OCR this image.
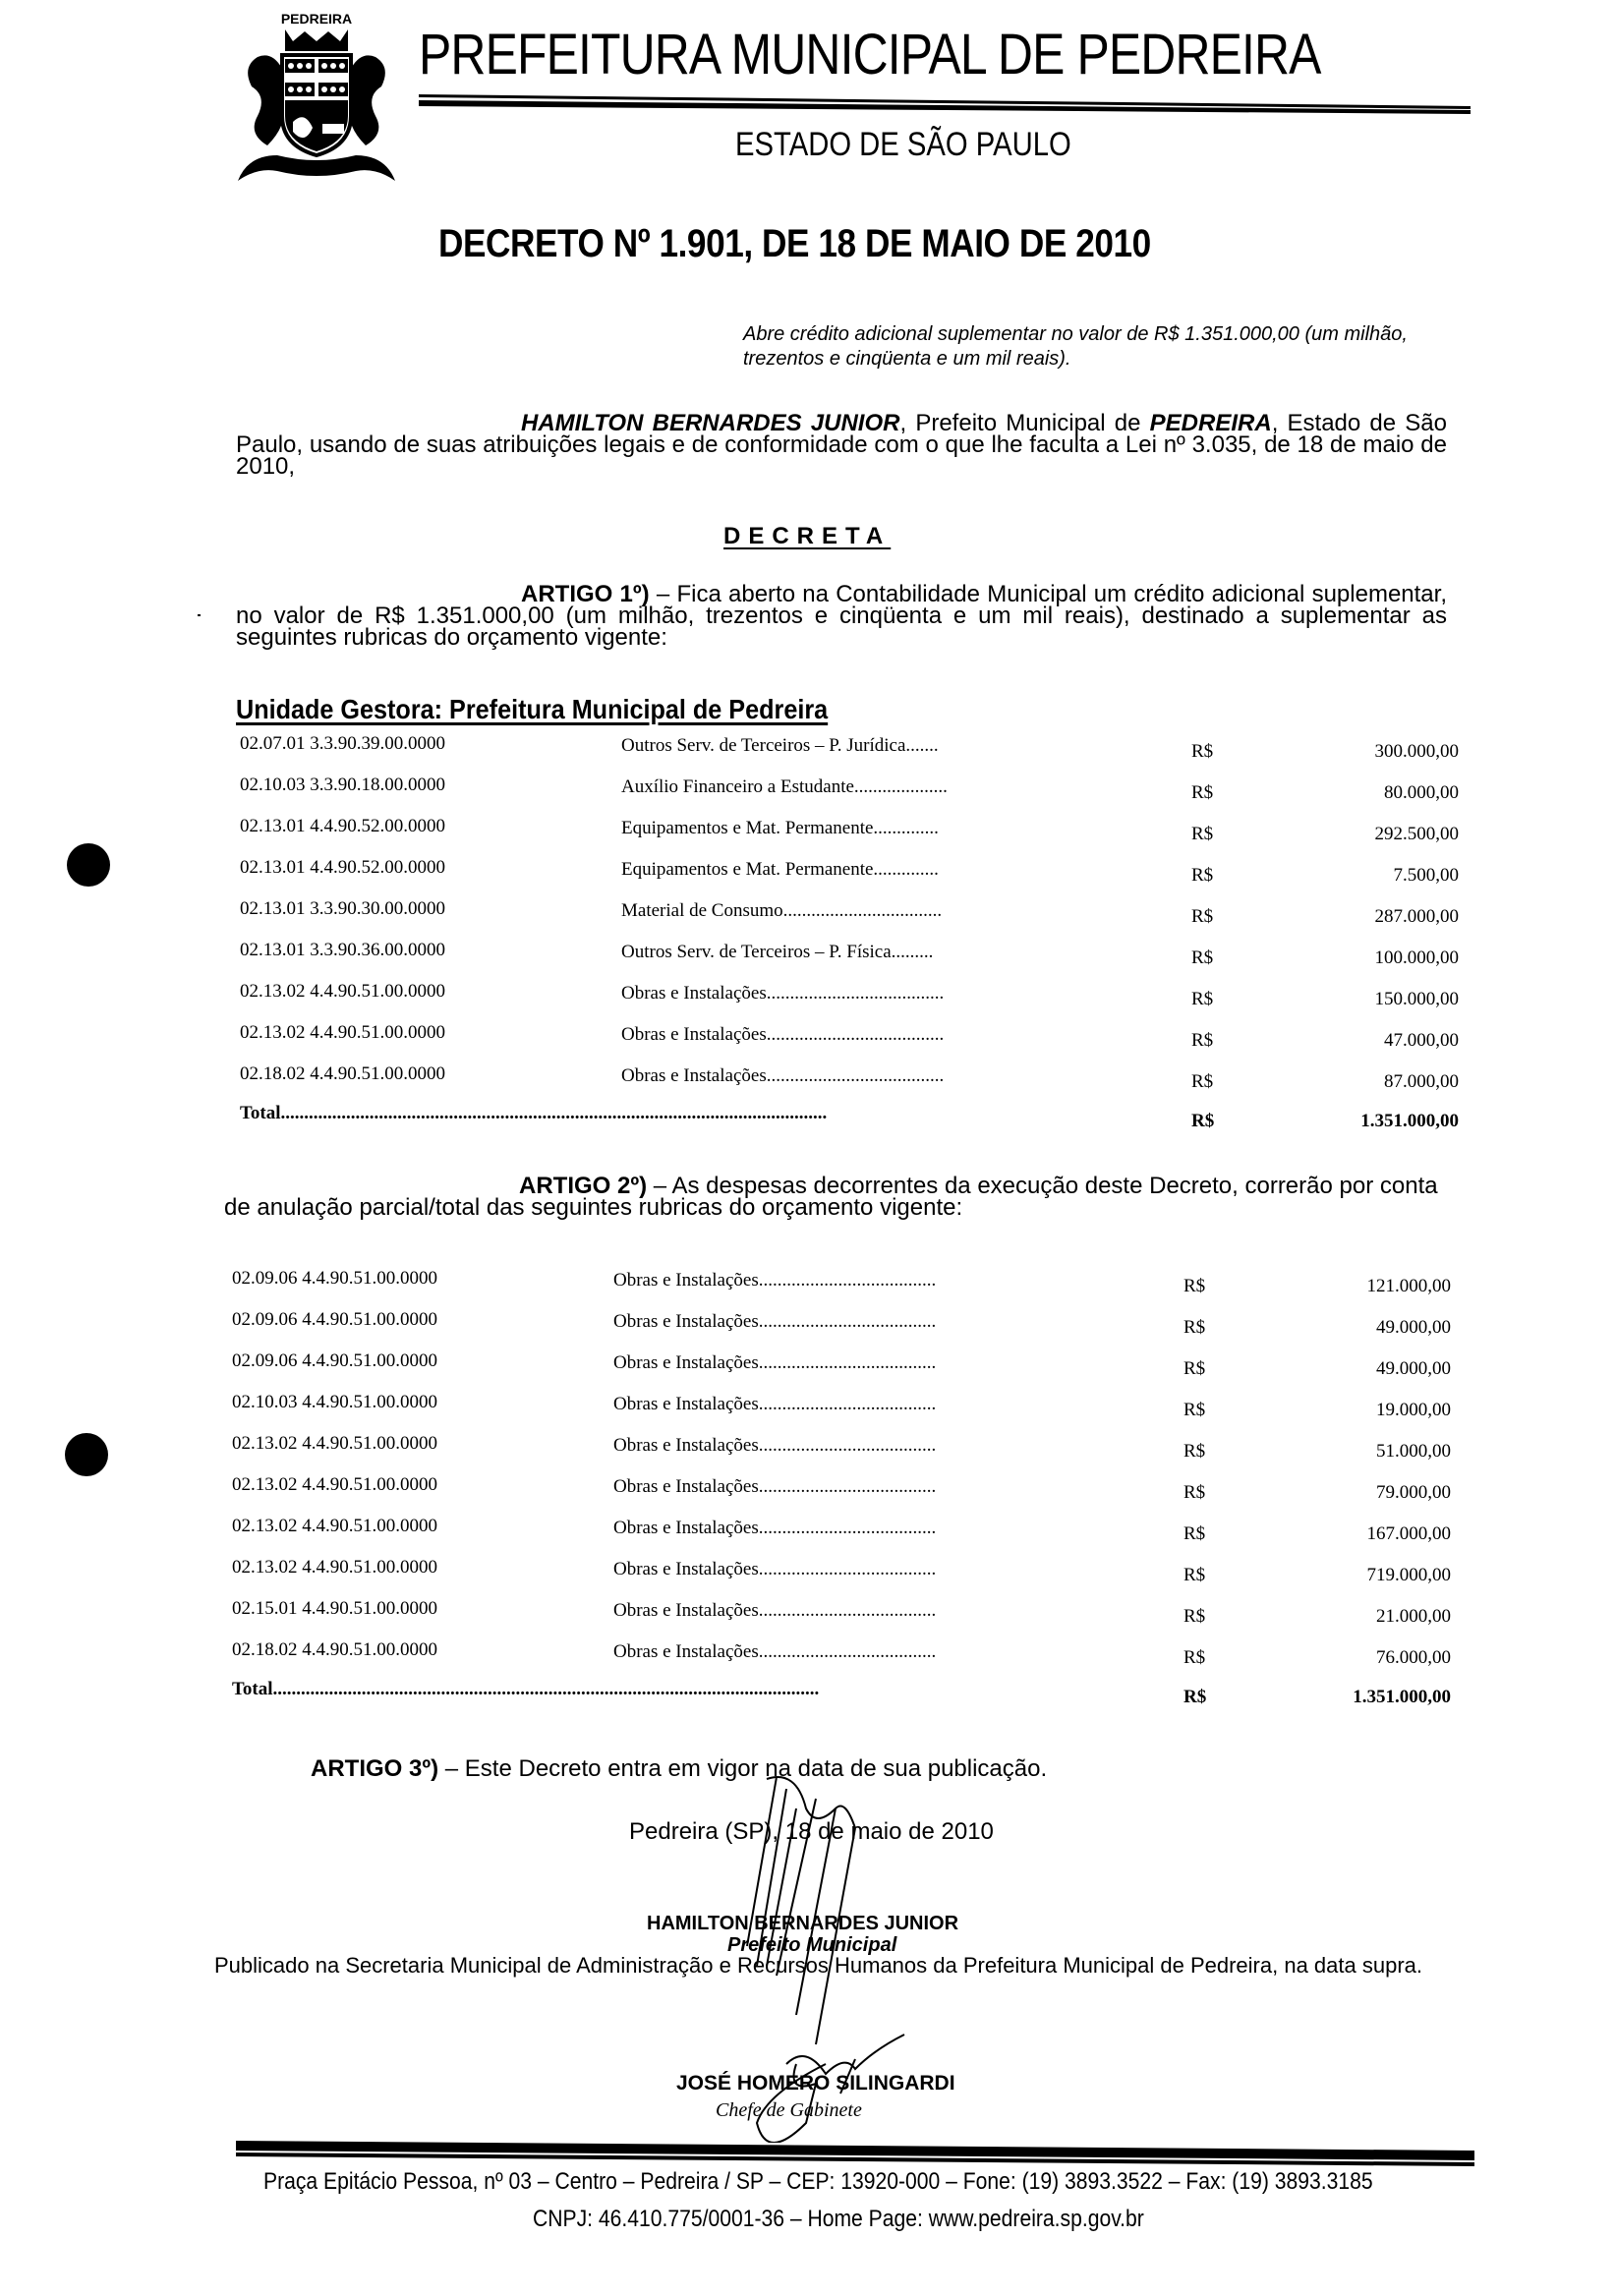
PEDREIRA
PREFEITURA MUNICIPAL DE PEDREIRA
ESTADO DE SÃO PAULO
DECRETO Nº 1.901, DE 18 DE MAIO DE 2010
Abre crédito adicional suplementar no valor de R$ 1.351.000,00 (um milhão, trezentos e cinqüenta e um mil reais).
HAMILTON BERNARDES JUNIOR, Prefeito Municipal de PEDREIRA, Estado de São Paulo, usando de suas atribuições legais e de conformidade com o que lhe faculta a Lei nº 3.035, de 18 de maio de 2010,
DECRETA
ARTIGO 1º) – Fica aberto na Contabilidade Municipal um crédito adicional suplementar, no valor de R$ 1.351.000,00 (um milhão, trezentos e cinqüenta e um mil reais), destinado a suplementar as seguintes rubricas do orçamento vigente:
Unidade Gestora: Prefeitura Municipal de Pedreira
02.07.01 3.3.90.39.00.0000	Outros Serv. de Terceiros – P. Jurídica.......	R$	300.000,00
02.10.03 3.3.90.18.00.0000	Auxílio Financeiro a Estudante....................	R$	80.000,00
02.13.01 4.4.90.52.00.0000	Equipamentos e Mat. Permanente..............	R$	292.500,00
02.13.01 4.4.90.52.00.0000	Equipamentos e Mat. Permanente..............	R$	7.500,00
02.13.01 3.3.90.30.00.0000	Material de Consumo..................................	R$	287.000,00
02.13.01 3.3.90.36.00.0000	Outros Serv. de Terceiros – P. Física.........	R$	100.000,00
02.13.02 4.4.90.51.00.0000	Obras e Instalações......................................	R$	150.000,00
02.13.02 4.4.90.51.00.0000	Obras e Instalações......................................	R$	47.000,00
02.18.02 4.4.90.51.00.0000	Obras e Instalações......................................	R$	87.000,00
Total.....................................................................................................................	R$	1.351.000,00
ARTIGO 2º) – As despesas decorrentes da execução deste Decreto, correrão por conta de anulação parcial/total das seguintes rubricas do orçamento vigente:
02.09.06 4.4.90.51.00.0000	Obras e Instalações......................................	R$	121.000,00
02.09.06 4.4.90.51.00.0000	Obras e Instalações......................................	R$	49.000,00
02.09.06 4.4.90.51.00.0000	Obras e Instalações......................................	R$	49.000,00
02.10.03 4.4.90.51.00.0000	Obras e Instalações......................................	R$	19.000,00
02.13.02 4.4.90.51.00.0000	Obras e Instalações......................................	R$	51.000,00
02.13.02 4.4.90.51.00.0000	Obras e Instalações......................................	R$	79.000,00
02.13.02 4.4.90.51.00.0000	Obras e Instalações......................................	R$	167.000,00
02.13.02 4.4.90.51.00.0000	Obras e Instalações......................................	R$	719.000,00
02.15.01 4.4.90.51.00.0000	Obras e Instalações......................................	R$	21.000,00
02.18.02 4.4.90.51.00.0000	Obras e Instalações......................................	R$	76.000,00
Total.....................................................................................................................	R$	1.351.000,00
ARTIGO 3º) – Este Decreto entra em vigor na data de sua publicação.
Pedreira (SP), 18 de maio de 2010
HAMILTON BERNARDES JUNIOR
Prefeito Municipal
Publicado na Secretaria Municipal de Administração e Recursos Humanos da Prefeitura Municipal de Pedreira, na data supra.
JOSÉ HOMERO SILINGARDI
Chefe de Gabinete
Praça Epitácio Pessoa, nº 03 – Centro – Pedreira / SP – CEP: 13920-000 – Fone: (19) 3893.3522 – Fax: (19) 3893.3185
CNPJ: 46.410.775/0001-36 – Home Page: www.pedreira.sp.gov.br
